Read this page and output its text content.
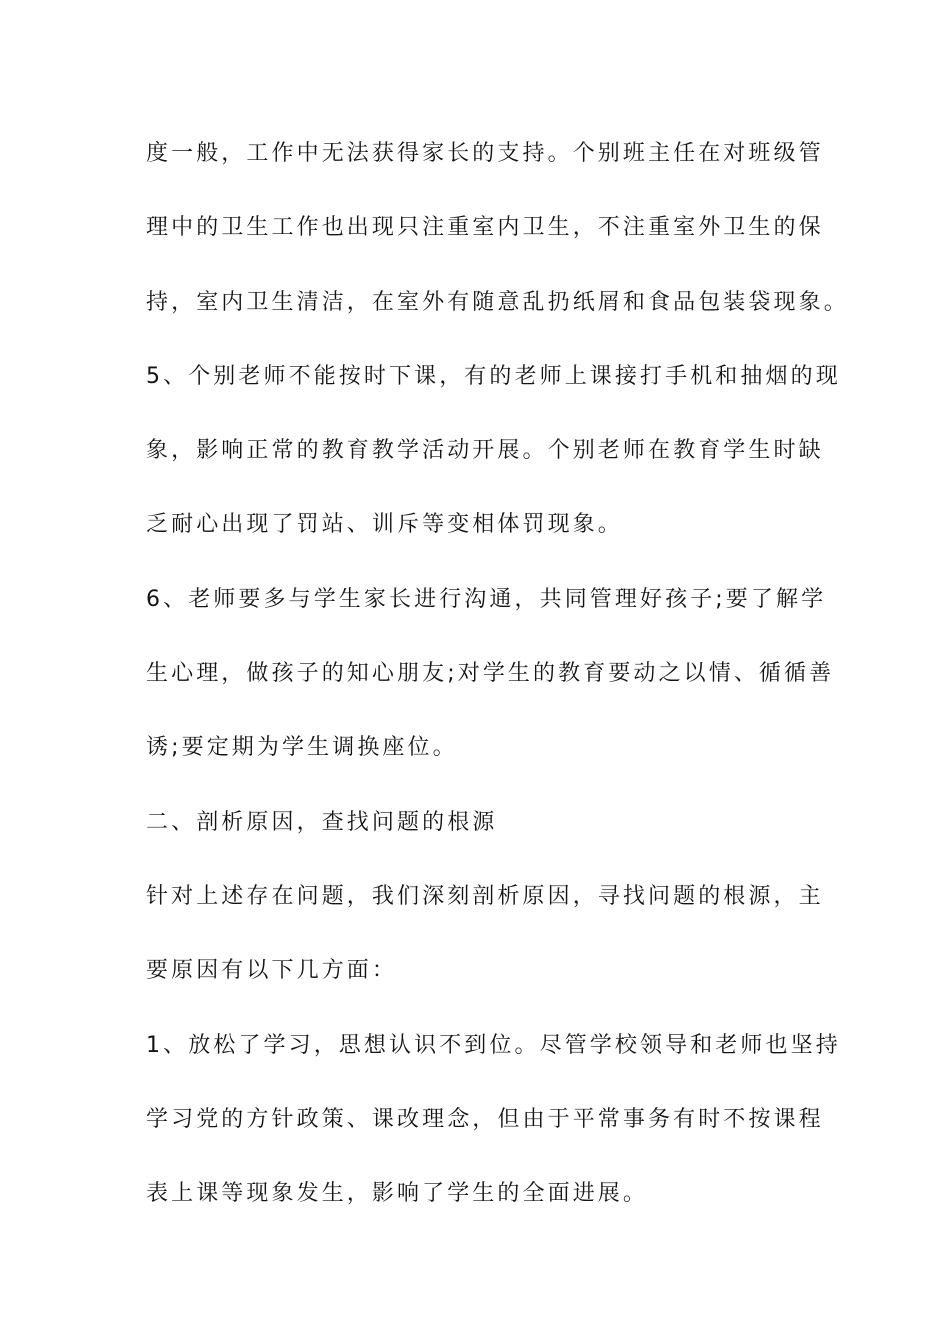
度一般，工作中无法获得家长的支持。个别班主任在对班级管
理中的卫生工作也出现只注重室内卫生，不注重室外卫生的保
持，室内卫生清洁，在室外有随意乱扔纸屑和食品包装袋现象。
5、个别老师不能按时下课，有的老师上课接打手机和抽烟的现
象，影响正常的教育教学活动开展。个别老师在教育学生时缺
乏耐心出现了罚站、训斥等变相体罚现象。
6、老师要多与学生家长进行沟通，共同管理好孩子;要了解学
生心理，做孩子的知心朋友;对学生的教育要动之以情、循循善
诱;要定期为学生调换座位。
二、剖析原因，查找问题的根源
针对上述存在问题，我们深刻剖析原因，寻找问题的根源，主
要原因有以下几方面：
1、放松了学习，思想认识不到位。尽管学校领导和老师也坚持
学习党的方针政策、课改理念，但由于平常事务有时不按课程
表上课等现象发生，影响了学生的全面进展。
